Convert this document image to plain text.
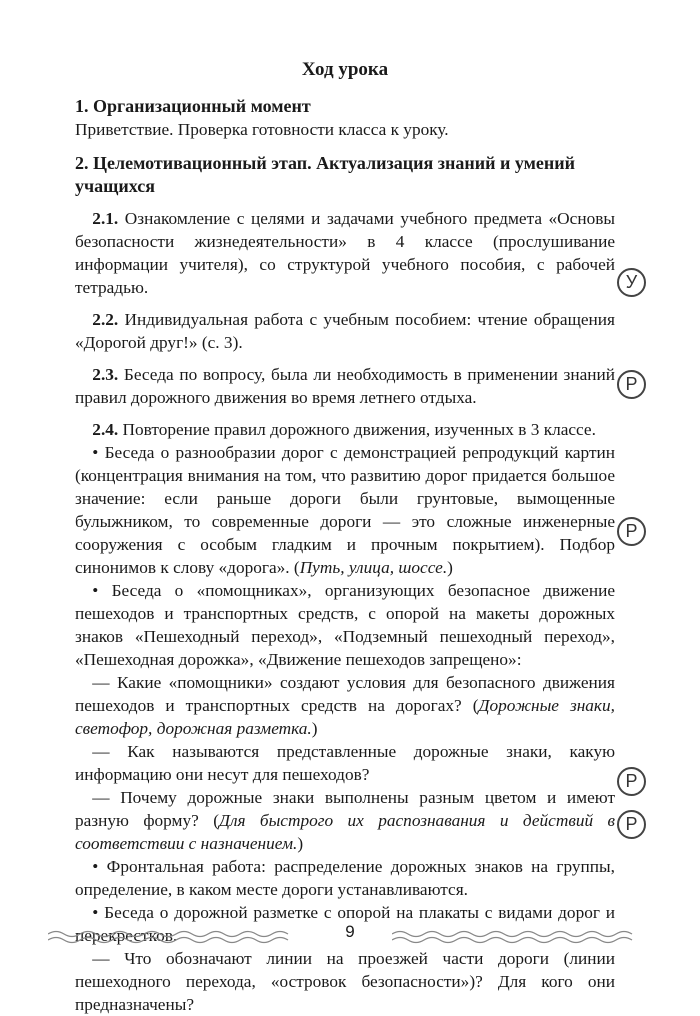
Ход урока
1. Организационный момент

Приветствие. Проверка готовности класса к уроку.

2. Целемотивационный этап. Актуализация знаний и умений учащихся

2.1. Ознакомление с целями и задачами учебного предмета «Основы безопасности жизнедеятельности» в 4 классе (прослушивание информации учителя), со структурой учебного пособия, с рабочей тетрадью.

2.2. Индивидуальная работа с учебным пособием: чтение обращения «Дорогой друг!» (с. 3).

2.3. Беседа по вопросу, была ли необходимость в применении знаний правил дорожного движения во время летнего отдыха.

2.4. Повторение правил дорожного движения, изученных в 3 классе.

• Беседа о разнообразии дорог с демонстрацией репродукций картин (концентрация внимания на том, что развитию дорог придается большое значение: если раньше дороги были грунтовые, вымощенные булыжником, то современные дороги — это сложные инженерные сооружения с особым гладким и прочным покрытием). Подбор синонимов к слову «дорога». (Путь, улица, шоссе.)

• Беседа о «помощниках», организующих безопасное движение пешеходов и транспортных средств, с опорой на макеты дорожных знаков «Пешеходный переход», «Подземный пешеходный переход», «Пешеходная дорожка», «Движение пешеходов запрещено»:

— Какие «помощники» создают условия для безопасного движения пешеходов и транспортных средств на дорогах? (Дорожные знаки, светофор, дорожная разметка.)

— Как называются представленные дорожные знаки, какую информацию они несут для пешеходов?

— Почему дорожные знаки выполнены разным цветом и имеют разную форму? (Для быстрого их распознавания и действий в соответствии с назначением.)

• Фронтальная работа: распределение дорожных знаков на группы, определение, в каком месте дороги устанавливаются.

• Беседа о дорожной разметке с опорой на плакаты с видами дорог и перекрестков.

— Что обозначают линии на проезжей части дороги (линии пешеходного перехода, «островок безопасности»)? Для кого они предназначены?

У
Р
Р
Р
Р
9
